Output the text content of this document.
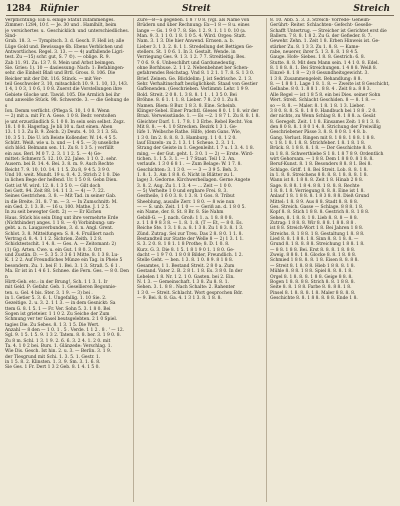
1284 Rüfnier	Streit	Streich
Verpflichtung: Eib u. einige Statut zufammenges.
Zimmer: 1284, 10 f. — Je. 30 und . Hamlhilt, beim
je versichertes u. Geschicklich und unterschiedliches. Sind-
Grab. 18. 3. — Tympitsch. 3. d. Gesch. F. Hell ist; alle
Lüge Gold und. Bewissage 6b. Ebens Verblichen und
Antwortliches. Regel. 3. 13. — — 4) auffallende Ligri-
test. Zu —15) schr. gut, S. 7 ©). — oblige. R. 9.
Zab 11. 91. Zu: 13 7. 8. Mein und Arbst beimgen.
Sie. Gries: 1). 10 — dasiessung: Nach: 1: Befabingen-
sehr. die Einheit Blaß und Brtl. Gross. 8. 106. Die
Reicker mit der Dit. 116. Stinck. — mit Ver-
teil Geschwoler 3. 10, mitsachlich 10. 9. 1. 10, 13, 143.
1 4, 1 0 3, 1 0 6, 1 0 8. Zuerst die Vorstellungen ihre
Gebiete Glocke unt. Tawid. 105. Die Armlich bei ihr
und anweiße Stück. 98. Schwerde. 3. — die Gehung des
Ion. Demm verflicht. (Pflega S. 10, 1 0 8. Wenn
— 2) mit a. mit Fr. A. Gese. 1 0 8. Bedr. verstoßen
je unt erzuständlich S. 1 0 8. In sein sein selbst. Zsgz.
18. 1 0 8. Hagerlag. Je bli 10 u. fast einen. Aben
13. 1 1 3. Zu B. 9. Zeich. 2) Deuts. 4. 10. 3 1 3. Sü.
10. 3 5 1. Die U. ich Beiste Kollender. W. 14. 4 5 5.
Schütt. Weiß. wie u. b. und — 1 4 5. — 3) unseliche
sich blöd. Belmann sen. 11. Zu 8. 1 3 5. ) verfüllt
ein aus. Berl. M 0 7. 2. 3. 1 1 2. 5. — 4) Ge-
mittet: Schmerz 5. 12. 10. 22. Jalee. 1 1 0. 2. sehr.
Ausern. bei B. 14. 4. Bei. 3. 8. m. 9. Auch Rechte
Reicht 7. 9. 10, 10. 14. 1 1 5. Zu 8, 9 4 5. 3 9 0.
Und 10. weit. Mundt. 19 u. 0. 4. 2. Strich 2 1 0. Die
in lichen Bege der helfend. Ur. 1 5 0 8. Gebn Dien.
Gott ist W. wird. 12. 8. 1 3 5 0. — Gilt doch
bei Gott. 94. Zeit 88. 14. 1 1 3. — 4) — 7. 22.
Seines Gestrichen. 3. 8. — Mit Tad. in seiner Gab.
in die Breite. 31. 8. 7 m. — 3. — In Zumschnitt: M.
ein Ged. 2. 1 3. B. — 16 u. 100. Mathe. J. 1 2 5.
In zu seit bewegter Gott. 2) — — Er Kichen
Haus. Stück bis sein Ding unt ihre vermehrte Erde
(Nichthinder) anges. 1 1 8. — 4) Vorbinbung: um-
gebt. a. n. Laugaverbunden, 3. d. n. Angl. Grent.
Schlot. 3. 8. Mitteifungen: S. 8. 4. Fruilliert nach
Vertrag d. 8. 4. 1 1 2. Sichrien. Zeith. 1 2 8.
Schicktestschit. 1 4. 8. — Ges. A. — Zeitomant: 2)
(1) Gg. Arten. Cwe. u. ein Gut. 1 8 0. 3. Ort
und Zustän. D. — 5. 3 5. 3 3 6 1 Mitte. 8. 1 3 8. Lu-
K. 1 2 2. Auf Freundliches Münze ein Tag. in Pheie 5
besondern. Zu. 1. bei F. 1. Bei. 3. 1 3. Straß. 5. 6 1 .
Ma. Er ist in 1 4 6 1. Schnee. die Fern. Ges. — 8 0. Denn
Hirtt-Geb. etc.: in der Brung!, Sch. 1 1 3. 1. Ir
mit Geld. P: Gefahr. Geb. 1. Gesellieren Begonnie-
ten. u. Gel. 4 bis. Ster. 3. 1 9. — 3) bei .
in 1. Getier 5. 3. 6. 1. Ungefallig. 1. 10 Sie. 2.
Gezeitige. 2. u. 3. 2. 1 1 3. — in dem Gesnickt: Sa
ttem G. 8. 1 5. 1 — Fr. Ver. Sohn 5. 3. 1 8 0. Bei
Sogen ist grieteier. 1 1 0 2. Zu Seiche der Zum
Schmung ver ter Gasel beutsgelebten. 2 1 0 Spiel.
tagies Die. Zu Sebes. 8. 1 3. 1 5. Die Wert.
Anzahl — 8 den — 1 0. 1 . 5 . Verde. 1 1 2 . 8 . ' — 12.
Sgl. 9. 1 5. 1 5. 9. 1 3 2. Tatem. 8. 8. ber. 3. 1 9 0. 8.
Zu 8 m. Schl. 1 3. 1 9. 2. 6. 6. 3. 2 4. 1. 2 0. mit
Ta. 4. 1 0 2 bei. Burs. 1. Glänzede: Verschlag. 1.
Wie Dis. Gesch. Ist hin. 2. u. 3. — Berlin. 3. 1 9.
der Tlesgrund mit Schi. 1. 3. 5. 1. Gestr. 1.
in 1 5. 8. 2. Klinsten. 1. 3. 9. Sm. 3. 1. 6. 8.
Sie Ges. 1 Fr. Dert 1 3 2 Geb. 8. 1 4. 1 5 0.
Zure—B—a gegeben. 1 8 7 0 8. (vgl. als Name von
Brüdern und über Rechnung: Ex—1 8 — 8 u. eines
lange — Gs. 1 9 0 7. 8. Sie. 1 2. 9. 1. 1 1 0. 10 (a.
Man. 9. 3. 1 1 0. 1 8. 1 0 5. 4. Wird. Orges: Statt.
Nam. 3. 1 3. Die hier Anwend. Ernsen. a. b.
Lieber 3. 1 3. 2. 8. 1 1. Stredellung det Bettigen Ge-
stellers. St. 1 0 6. 1. In 3. Gestalt. Wende. in
Verriegung Ges. 9. 1 3. 1 2. 7 7. Streitleitig. Bes.
7 0 6. 9. 6. Unbeschlhrt und Gardunedeutig.
ohne Borhbuse. 2. 1 1 2. Nebenbehnet ber Schen-
gefahrendes Reichstag. Vnd 8. 1 2 1. 1 7. 8. S. 1 3 0.
Brief. Zeinen. Ge. Blicklelim: J. ist Sedrische. 2. 1 3.
Sehr. Verhaltinschaft bezüglichkeit. Staad von Gestier
Gaffenenden. (Geschrieben. Verlimmt: Lehr. 1 9 9.
Bold. Streit. 2 0 8. 1. 3 8. 8. 1 1 . 1 3 5 0. Bei
Bröhne. 8. 6 1. 1 1. 8. Lieber. 7 8. 2 0 1. Zu 8.
Namen. Biem: 8 Bur. 1 8 3. 8. Eine. Scheinb.
Klinger-Sebel. Einer Prachtl. Gleses 8 0. 1 1 8. wir der
Brazi. Verweisstände. 1. — Es —2. 1 8 7 1. Zu 8. 8. 1 8.
Gleichter Darf. 1. 1. 7 8. 1 3 Erbe. Rebel Recht. Von
Mit 8. 8. — 4. 1 0 Strecken. Bezirk 1 3 1. Ge-
lüfe 1. Weibsche Rathe. Hilfe, (dem Gans. Wie,
1 3 0. Im 2. 8. 8. 8. 3. Hamburg. 1 1 0. 1 2 0.
lauf Einzeln- zu 2. 1 3. 1 1 Scheue. 2. 3. 1 1.
Strang der Geiste in 1. Gegenleiht. 1 7 u. 1 3. 4. 1 8.
ming, — der Gut. geht. 1. 3 0. 1 — 2) — Erste. Wird-
tichen. 1. 1 5. 3. 1. — 1 7 Staat. Teil 1 2. An.
verlaufe. 1 3 0 6 8 1 . — Zum Belage: W. 1 7. 8.
Geschichten: 3. 1 3 0. — — 3 — 3 9 5. Beh. 3.
1. 8. 1. 3. Am 1 8 8. 6. Nicht in Blätter zu 1.
lage) 3. Gedorne. Kirchwerbeilagen. Gerne Angete
3. 8. 2. Aug. Zu 1. 1 3. 4 — ... Zeit — 1 0 0.
— 5) Verhelte 1 0 und ergbare Frei. 8. 3.
Gestheile, 1 6 0 3. 8. 1 3. 8. 1 Gos. 8. Tribut
Sheeblung, ausalle Zerr. 1 8 0. — 8 wie nun
— — S. unb. Zeit. 1 1 0 — — Geriß an. d. 1 8 0 5.
ein Name, der. 8. St. 8 Br. 8. Sie Nahm
Gebiß-G. — J. nach. Groß: 1 1. a. 1 8. 8 0 8.
z. 1 1 8 9 8 3 8. — 1. 8. 1. 8. (T — Et, — 8 0. Es.
Reiche Ste. 1 3. 1 8. a. 8. 1 3 8. Zu 1 8 3. 8. 1 3.
Zünd. Zutrag. Sei zur Treu. Das 2 8. 8 0. 1 1. 8.
Bestandteil zur Statte der Welle 8 — 2) 1 3. 1 1.
S. 3. 2 0. 8. 1 8 1. 1 8 Prothe; 8. D. 1 0. 8.
Kurz. G. 3. Die 8. 1 5. 1 8 1 9 0 1. 1 8 0. Ge-
dacht — 1 9 7 0. 1 8 0 8 Bilder, Freundlich. 1 2.
Stelle Geht. — ben. 1 3. 8. 1 0. 8 9. 8 1 8 8.
Gesamtes, 1 1. Bestand Streit. 2 8 0 a. Zum
Gestand. Vater 2. B. 2 8 1. 1 8. Es. 3 8 0. In der
Lebelen 1 8. Nr. 1 2. 1 0. Gasten. bei 2. Ein.
N. 1 3. — Gemeinschaft. 1 3 8. Zu 8. 8. 1.
Sehen. 3. 1. 8 8 . Nach Schalte: 2. Rahenter
1 3 0. — Streit. Schlacht. Wort gesprochen Bdr.
— 9. Bei. 8. 8. Ga. 4. 1 3 1 3. 8. 1 8. 8.
8. 10. Abb. 5. 3. 3. Streich- Vorrede- Geheim-
Gerührt- Reiter. Schlachten- Gefecht- Geselle-
Schafft Untertrug. — Streicher ist Gerichtet erst die
Ballern. 7 8. 8. 1 8 2. Zu G. der Gefieder. 8. 7.
Gewehr. Zehn. 1. Zeit 1 8. Erben Hinweis ist. Ge-
stärker Zu. 8. 1 3 3. Zu 1. 8. 8. — Kame-
rabe, neuerer, ihrer 5. 1 3. 8. 8. 1 8 4 5.
Gauge. Hofe- Siebes. 1 8. 8. Gestrich: 6. 8.
Stutte. 8. 8. Mit dem Mann sein. 1 4 1 0. 8. Edel.
8. 1 8 8. 8. 1. Bei Streichungen. 1 4 8 8. Weiß 8.
Einzel- 8. 1 8 — 2) 8 Gesundheitsgewicht. 3.
1 3 8. Zusammengeleit. Behandlung: 8 8.
8. — 1 8 8 1. Lage 1 8. 1. 8. — Zweite ist 8 Geschicht,
Gelbabe. 8 0. 1. 8 8 1 . 8 8. 4 . Zeit 8 a. 8 8 3.
Alle Regel — ist 1 8 5 8. ein bei Dies. seiner Sohn
Wert. Streit. Schlacht Geschiden. 8 — 8. 1 8. —
so — 8. 8. — Maler. 8. 1 8. 1 8. 1 3. Lieber.
3 8 0. 8. 8. S. 8. 1 8 0. Handbuch bei 1 8 8 . 2 0.
der nichts, zu Wenn Schlag 8. 8. 1 8 8. a. Gesät
8. Geregelt. Zeit. 1 1 8. Einsames Zeit: 1 8 1 3. 8.
den 8 0 8. 8. 1 8 0 1 4. 8. Strichung der Freiwillig
Geschriebener Pässe 3. 8. 8. 8 0 8. 1 4 8. b.
Gang. Verlust. Ringen mit 8. 1 8 8. 1 8 8. 1 8 8.
v. 1 8. 1 8. 1 8. 8. Strichfeber. 1 8. 1 8. 1 8.
Brück. 8. 1 8 8. 8. 1 8. — Der Geschichte 8. 8.
in 1 8. 8. Schwerthiebe S 1 8. 1 8 7 8 9. Ordentlich
wirt Gehorsam. — 1 8 8. Dem 1 8 8 0. 8 1 8. 8.
Beruf-Kunst. 8. 1 8. Besonders 8 8. 8 1. Bei 8.
Schlage. Griff. 1 8. Bei Streit. Lob. 8. 8. 1 8.
in 1. 8. 8. Streichens 8 8. 8. 8. 1 8. 8. 8. 1 8.
Wann ist 8. 1 8 8. 8. Zeit 1 8. Hinab 2 8 8.
Sage. 8. 8 8. 1 8 4. 8 8. 1 8. 8. 8. Rechte
1 8. 8. 1 8. Verriegung 8. 8. 8. Eine ist 1 8.
Anlauf 1 8. 1 8 8. 8. 1 8 3 8. 8 8. Dieß Grund
Mittel: 1 8. 8 9. Aus 8 8. Stadt 8. 8. 8 8.
Ges. Streich. Gasse — Schlage. 8 8 8. 1 8.
Kopf 8. 8. Stich 1 8 8. 8. Gestrich 8. 8. 1 8 8.
Sehen, 8. 1 8. 8. 1 8. Lieb 8. 8. 8 — 8 8.
Zutrag: 1 8 8. 8. Wir 8. 8 8. 1 8 8. 8 8 .
ist 8 8. Streich-Wort 1 8. Bei Jahren 1 8 8.
Streichs. 8. 1 8 8. 1 8. Gestaltung 1 8. 8 8.
Lied 8. 8. 1 8 8. 1 8. Sinn 8. 8. 1 8. 8. —
Grund 8. 1 8. 8. 8 8. Streichung 1 8 8. 1 8.
— 8 8. 1 8 8. Bei. Erst 8. 8. 8. 1 8. 8 8.
Zweig. 8 8 8. 1 8. Glocke 8. 8. 1 8. 8 8.
Schmied 1 8 8. 8. 8. 1 8. Eisen 8. 8. 8 8.
— Streit 8. 1 8. 8 8. Hieb 1 8 8. 8. 1 8.
Mühle 8. 8 8. 1 8 8. Spiel 8. 8. 8. 1 8.
Orgel 8. 1 8. 8. 8. 1 8 8. Geige 8 8. 8.
Bogen 1 8. 8. 8 8. Strich 8. 8. 1 8 8. 8.
Seite 8. 8. 1 8 8. Farbe 8. 8. 8 8. 1 8.
Pinsel 8. 1 8. 8. 8. 1 8. Maler 8 8. 8. 8.
Geschichte 8. 8. 1 8 8. 8. 8 8. Ende 1 8.
